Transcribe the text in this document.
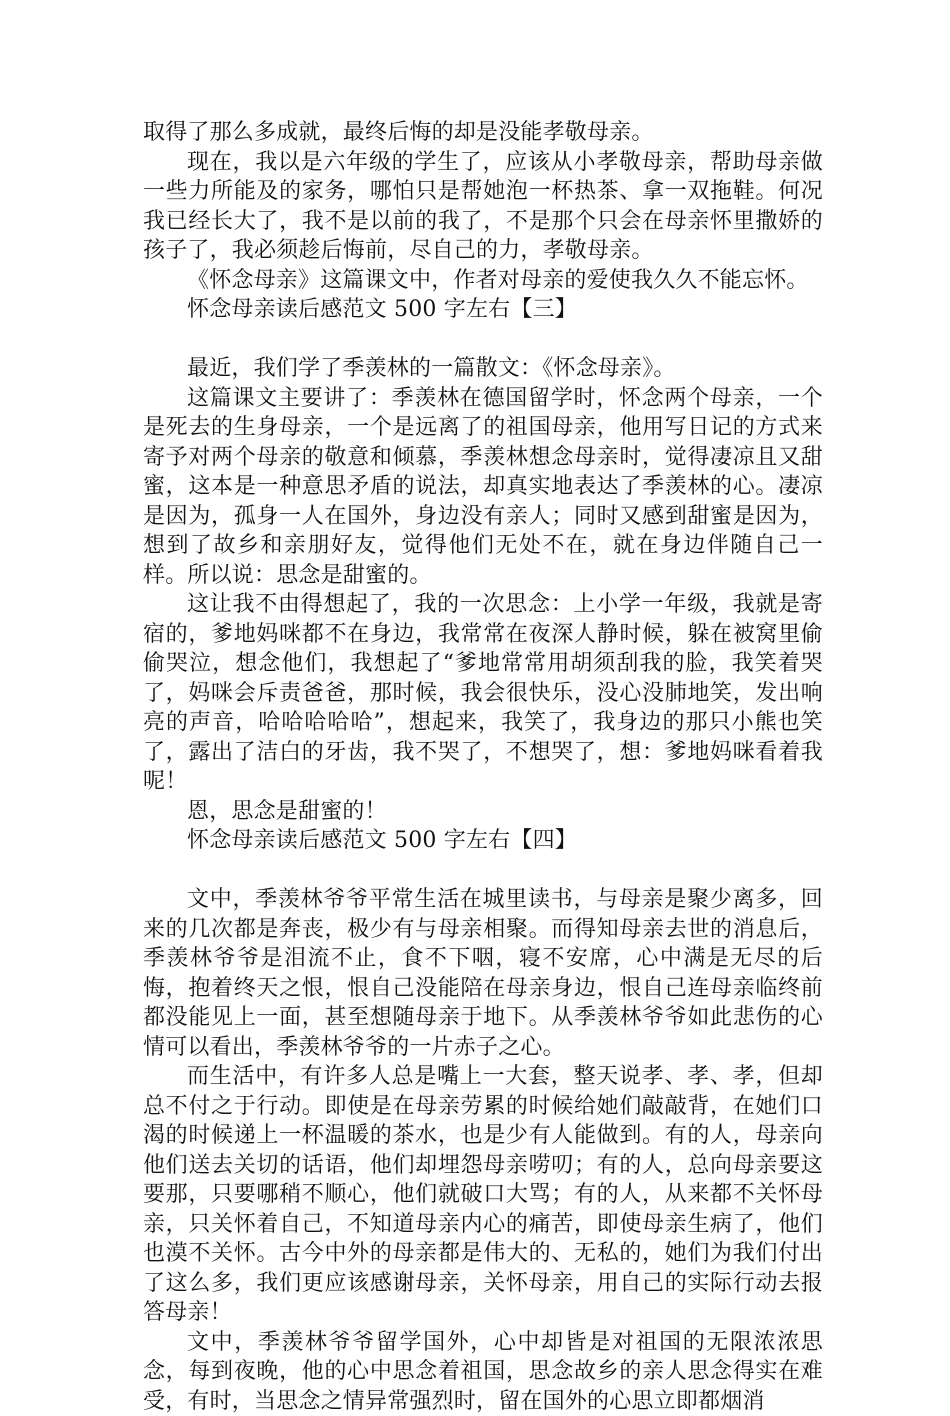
取得了那么多成就，最终后悔的却是没能孝敬母亲。

现在，我以是六年级的学生了，应该从小孝敬母亲，帮助母亲做一些力所能及的家务，哪怕只是帮她泡一杯热茶、拿一双拖鞋。何况我已经长大了，我不是以前的我了，不是那个只会在母亲怀里撒娇的孩子了，我必须趁后悔前，尽自己的力，孝敬母亲。

《怀念母亲》这篇课文中，作者对母亲的爱使我久久不能忘怀。

怀念母亲读后感范文 500 字左右【三】

最近，我们学了季羡林的一篇散文：《怀念母亲》。

这篇课文主要讲了：季羡林在德国留学时，怀念两个母亲，一个是死去的生身母亲，一个是远离了的祖国母亲，他用写日记的方式来寄予对两个母亲的敬意和倾慕，季羡林想念母亲时，觉得凄凉且又甜蜜，这本是一种意思矛盾的说法，却真实地表达了季羡林的心。凄凉是因为，孤身一人在国外，身边没有亲人；同时又感到甜蜜是因为，想到了故乡和亲朋好友，觉得他们无处不在，就在身边伴随自己一样。所以说：思念是甜蜜的。

这让我不由得想起了，我的一次思念：上小学一年级，我就是寄宿的，爹地妈咪都不在身边，我常常在夜深人静时候，躲在被窝里偷偷哭泣，想念他们，我想起了“爹地常常用胡须刮我的脸，我笑着哭了，妈咪会斥责爸爸，那时候，我会很快乐，没心没肺地笑，发出响亮的声音，哈哈哈哈哈”，想起来，我笑了，我身边的那只小熊也笑了，露出了洁白的牙齿，我不哭了，不想哭了，想：爹地妈咪看着我呢！

恩，思念是甜蜜的！

怀念母亲读后感范文 500 字左右【四】

文中，季羡林爷爷平常生活在城里读书，与母亲是聚少离多，回来的几次都是奔丧，极少有与母亲相聚。而得知母亲去世的消息后，季羡林爷爷是泪流不止，食不下咽，寝不安席，心中满是无尽的后悔，抱着终天之恨，恨自己没能陪在母亲身边，恨自己连母亲临终前都没能见上一面，甚至想随母亲于地下。从季羡林爷爷如此悲伤的心情可以看出，季羡林爷爷的一片赤子之心。

而生活中，有许多人总是嘴上一大套，整天说孝、孝、孝，但却总不付之于行动。即使是在母亲劳累的时候给她们敲敲背，在她们口渴的时候递上一杯温暖的茶水，也是少有人能做到。有的人，母亲向他们送去关切的话语，他们却埋怨母亲唠叨；有的人，总向母亲要这要那，只要哪稍不顺心，他们就破口大骂；有的人，从来都不关怀母亲，只关怀着自己，不知道母亲内心的痛苦，即使母亲生病了，他们也漠不关怀。古今中外的母亲都是伟大的、无私的，她们为我们付出了这么多，我们更应该感谢母亲，关怀母亲，用自己的实际行动去报答母亲！

文中，季羡林爷爷留学国外，心中却皆是对祖国的无限浓浓思念，每到夜晚，他的心中思念着祖国，思念故乡的亲人思念得实在难受，有时，当思念之情异常强烈时，留在国外的心思立即都烟消
